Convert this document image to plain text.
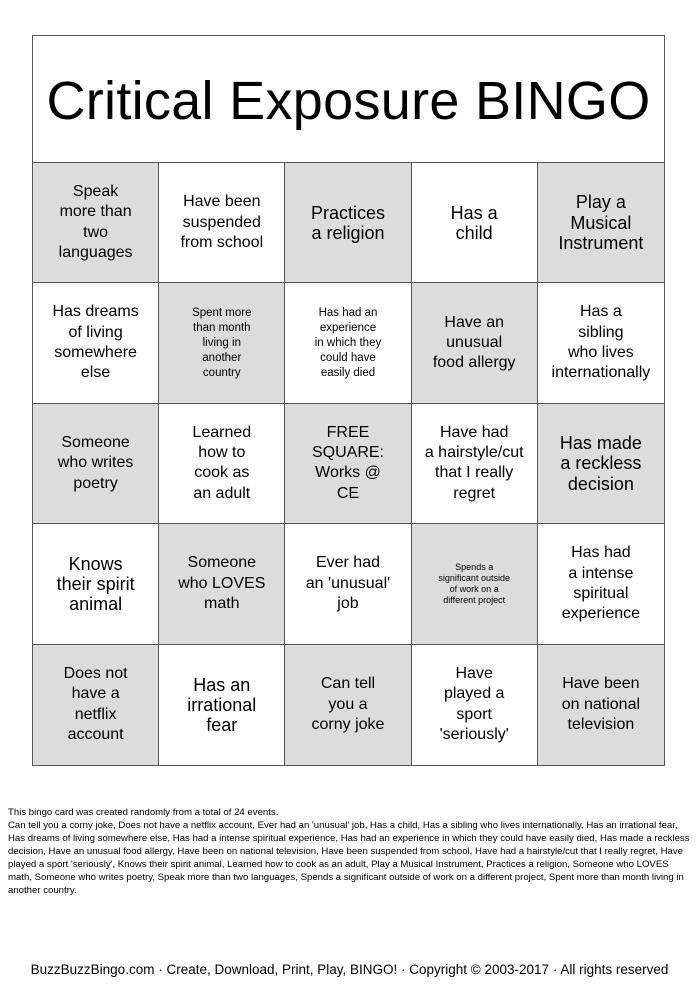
Critical Exposure BINGO
Speak
more than
two
languages
Have been
suspended
from school
Practices
a religion
Has a
child
Play a
Musical
Instrument
Has dreams
of living
somewhere
else
Spent more
than month
living in
another
country
Has had an
experience
in which they
could have
easily died
Have an
unusual
food allergy
Has a
sibling
who lives
internationally
Someone
who writes
poetry
Learned
how to
cook as
an adult
FREE
SQUARE:
Works @
CE
Have had
a hairstyle/cut
that I really
regret
Has made
a reckless
decision
Knows
their spirit
animal
Someone
who LOVES
math
Ever had
an 'unusual'
job
Spends a
significant outside
of work on a
different project
Has had
a intense
spiritual
experience
Does not
have a
netflix
account
Has an
irrational
fear
Can tell
you a
corny joke
Have
played a
sport
'seriously'
Have been
on national
television

This bingo card was created randomly from a total of 24 events.

Can tell you a corny joke, Does not have a netflix account, Ever had an 'unusual' job, Has a child, Has a sibling who lives internationally, Has an irrational fear, Has dreams of living somewhere else, Has had a intense spiritual experience, Has had an experience in which they could have easily died, Has made a reckless decision, Have an unusual food allergy, Have been on national television, Have been suspended from school, Have had a hairstyle/cut that I really regret, Have played a sport 'seriously', Knows their spirit animal, Learned how to cook as an adult, Play a Musical Instrument, Practices a religion, Someone who LOVES math, Someone who writes poetry, Speak more than two languages, Spends a significant outside of work on a different project, Spent more than month living in another country.

BuzzBuzzBingo.com · Create, Download, Print, Play, BINGO! · Copyright © 2003-2017 · All rights reserved
